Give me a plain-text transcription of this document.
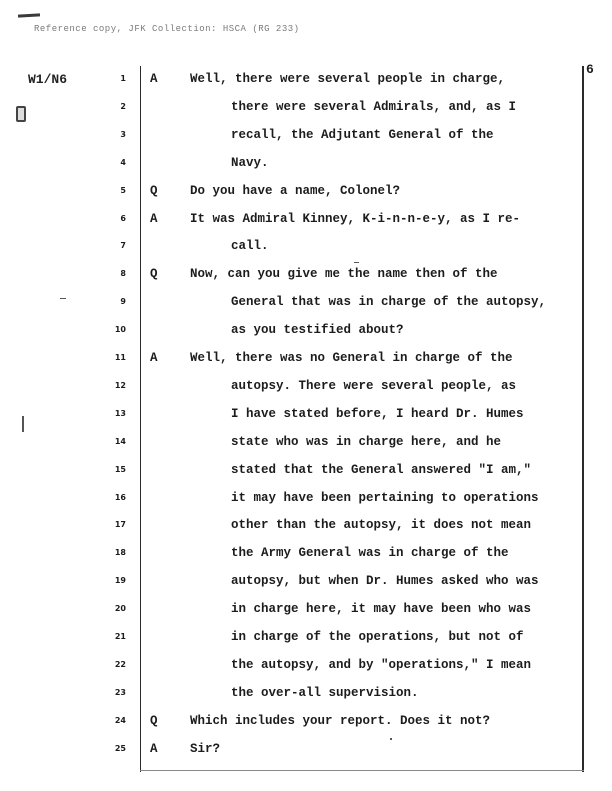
Reference copy, JFK Collection: HSCA (RG 233)
W1/N6
6
1 A	Well, there were several people in charge,
2	there were several Admirals, and, as I
3	recall, the Adjutant General of the
4	Navy.
5 Q	Do you have a name, Colonel?
6 A	It was Admiral Kinney, K-i-n-n-e-y, as I re-
7	call.
8 Q	Now, can you give me the name then of the
9	General that was in charge of the autopsy,
10	as you testified about?
11 A	Well, there was no General in charge of the
12	autopsy. There were several people, as
13	I have stated before, I heard Dr. Humes
14	state who was in charge here, and he
15	stated that the General answered "I am,"
16	it may have been pertaining to operations
17	other than the autopsy, it does not mean
18	the Army General was in charge of the
19	autopsy, but when Dr. Humes asked who was
20	in charge here, it may have been who was
21	in charge of the operations, but not of
22	the autopsy, and by "operations," I mean
23	the over-all supervision.
24 Q	Which includes your report. Does it not?
25 A	Sir?
